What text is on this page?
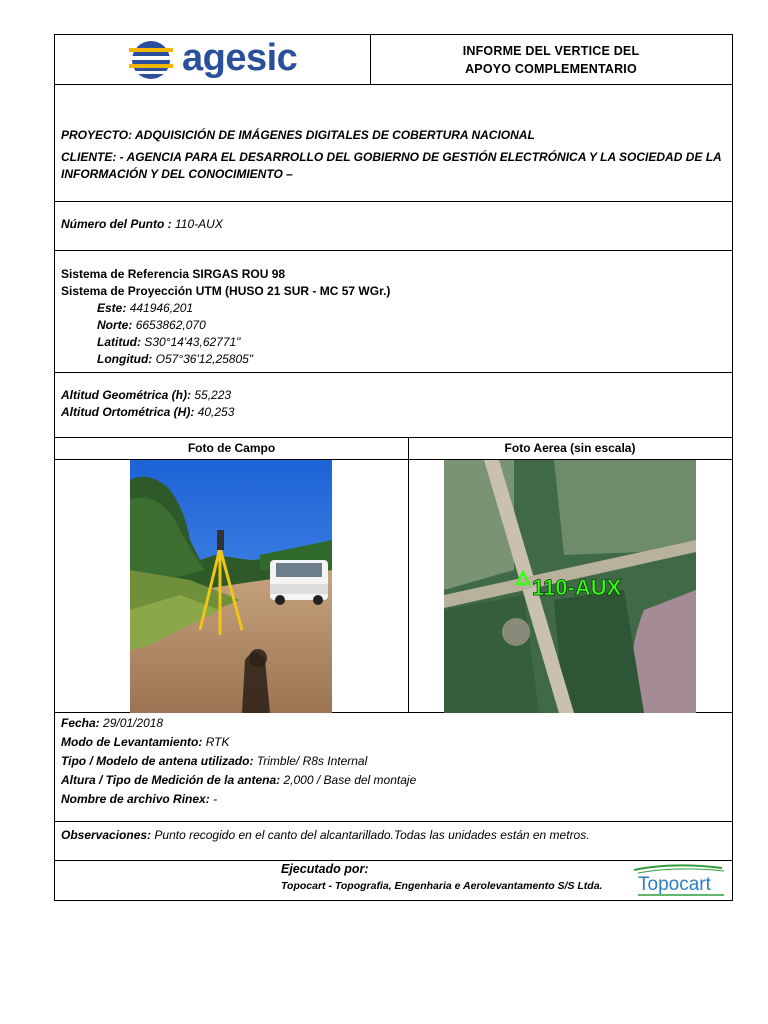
agesic	INFORME DEL VERTICE DEL
APOYO COMPLEMENTARIO
PROYECTO: ADQUISICIÓN DE IMÁGENES DIGITALES DE COBERTURA NACIONAL
CLIENTE: - AGENCIA PARA EL DESARROLLO DEL GOBIERNO DE GESTIÓN ELECTRÓNICA Y LA SOCIEDAD DE LA INFORMACIÓN Y DEL CONOCIMIENTO –
Número del Punto : 110-AUX
Sistema de Referencia SIRGAS ROU 98
Sistema de Proyección UTM (HUSO 21 SUR - MC 57 WGr.)
Este: 441946,201
Norte: 6653862,070
Latitud: S30°14'43,62771"
Longitud: O57°36'12,25805"
Altitud Geométrica (h): 55,223
Altitud Ortométrica (H): 40,253
Foto de Campo	Foto Aerea (sin escala)
110-AUX
Fecha: 29/01/2018
Modo de Levantamiento: RTK
Tipo / Modelo de antena utilizado: Trimble/ R8s Internal
Altura / Tipo de Medición de la antena: 2,000 / Base del montaje
Nombre de archivo Rinex: -
Observaciones: Punto recogido en el canto del alcantarillado.Todas las unidades están en metros.
Ejecutado por:
Topocart - Topografia, Engenharia e Aerolevantamento S/S Ltda. Topocart
